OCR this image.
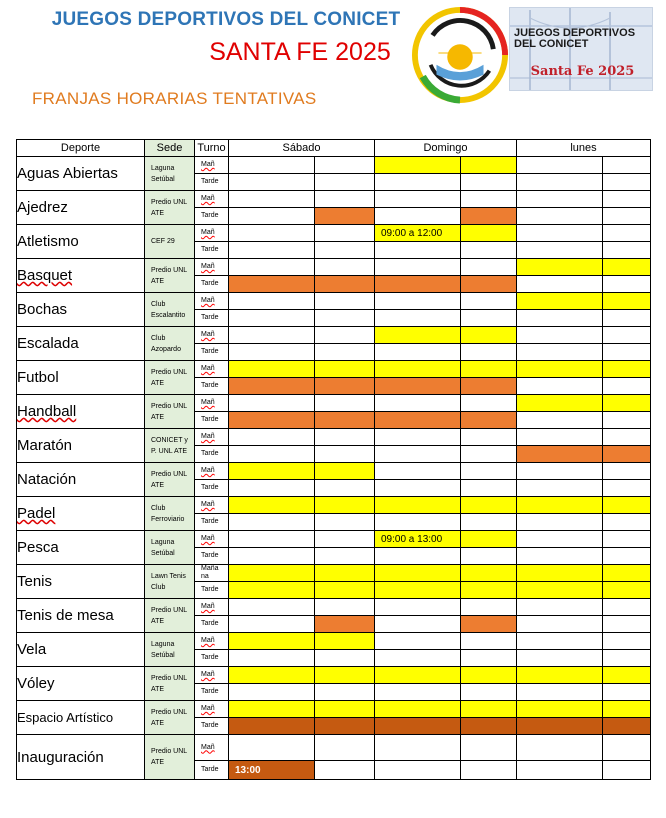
JUEGOS DEPORTIVOS DEL CONICET
SANTA FE 2025
FRANJAS HORARIAS TENTATIVAS
JUEGOS DEPORTIVOS
DEL CONICET
Santa Fe 2025
Deporte	Sede	Turno	Sábado		Domingo		lunes	
Aguas Abiertas	Laguna Setúbal	Mañ						
		Tarde						
Ajedrez	Predio UNL ATE	Mañ						
		Tarde						
Atletismo	CEF 29	Mañ			09:00 a 12:00			
		Tarde						
Basquet	Predio UNL ATE	Mañ						
		Tarde						
Bochas	Club Escalantito	Mañ						
		Tarde						
Escalada	Club Azopardo	Mañ						
		Tarde						
Futbol	Predio UNL ATE	Mañ						
		Tarde						
Handball	Predio UNL ATE	Mañ						
		Tarde						
Maratón	CONICET y P. UNL ATE	Mañ						
		Tarde						
Natación	Predio UNL ATE	Mañ						
		Tarde						
Padel	Club Ferroviario	Mañ						
		Tarde						
Pesca	Laguna Setúbal	Mañ			09:00 a 13:00			
		Tarde						
Tenis	Lawn Tenis Club	Maña na						
		Tarde						
Tenis de mesa	Predio UNL ATE	Mañ						
		Tarde						
Vela	Laguna Setúbal	Mañ						
		Tarde						
Vóley	Predio UNL ATE	Mañ						
		Tarde						
Espacio Artístico	Predio UNL ATE	Mañ						
		Tarde						
Inauguración	Predio UNL ATE	Mañ						
		Tarde	13:00					
